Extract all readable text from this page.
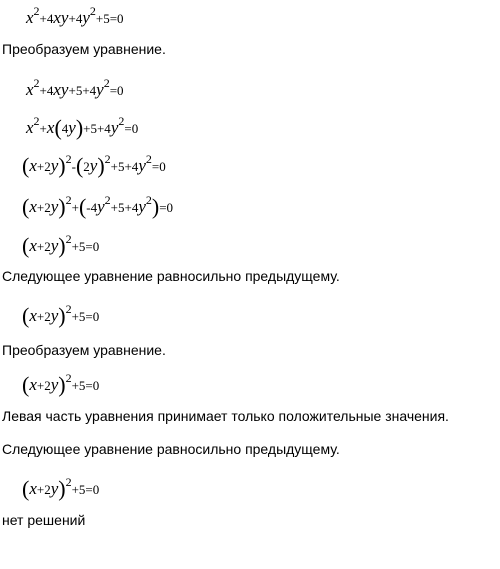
$x^2+4xy+4y^2+5=0$
Преобразуем уравнение.
$x^2+4xy+5+4y^2=0$
$x^2+x(4y)+5+4y^2=0$
$(x+2y)^2-(2y)^2+5+4y^2=0$
$(x+2y)^2+(-4y^2+5+4y^2)=0$
$(x+2y)^2+5=0$
Следующее уравнение равносильно предыдущему.
$(x+2y)^2+5=0$
Преобразуем уравнение.
$(x+2y)^2+5=0$
Левая часть уравнения принимает только положительные значения.
Следующее уравнение равносильно предыдущему.
$(x+2y)^2+5=0$
нет решений
